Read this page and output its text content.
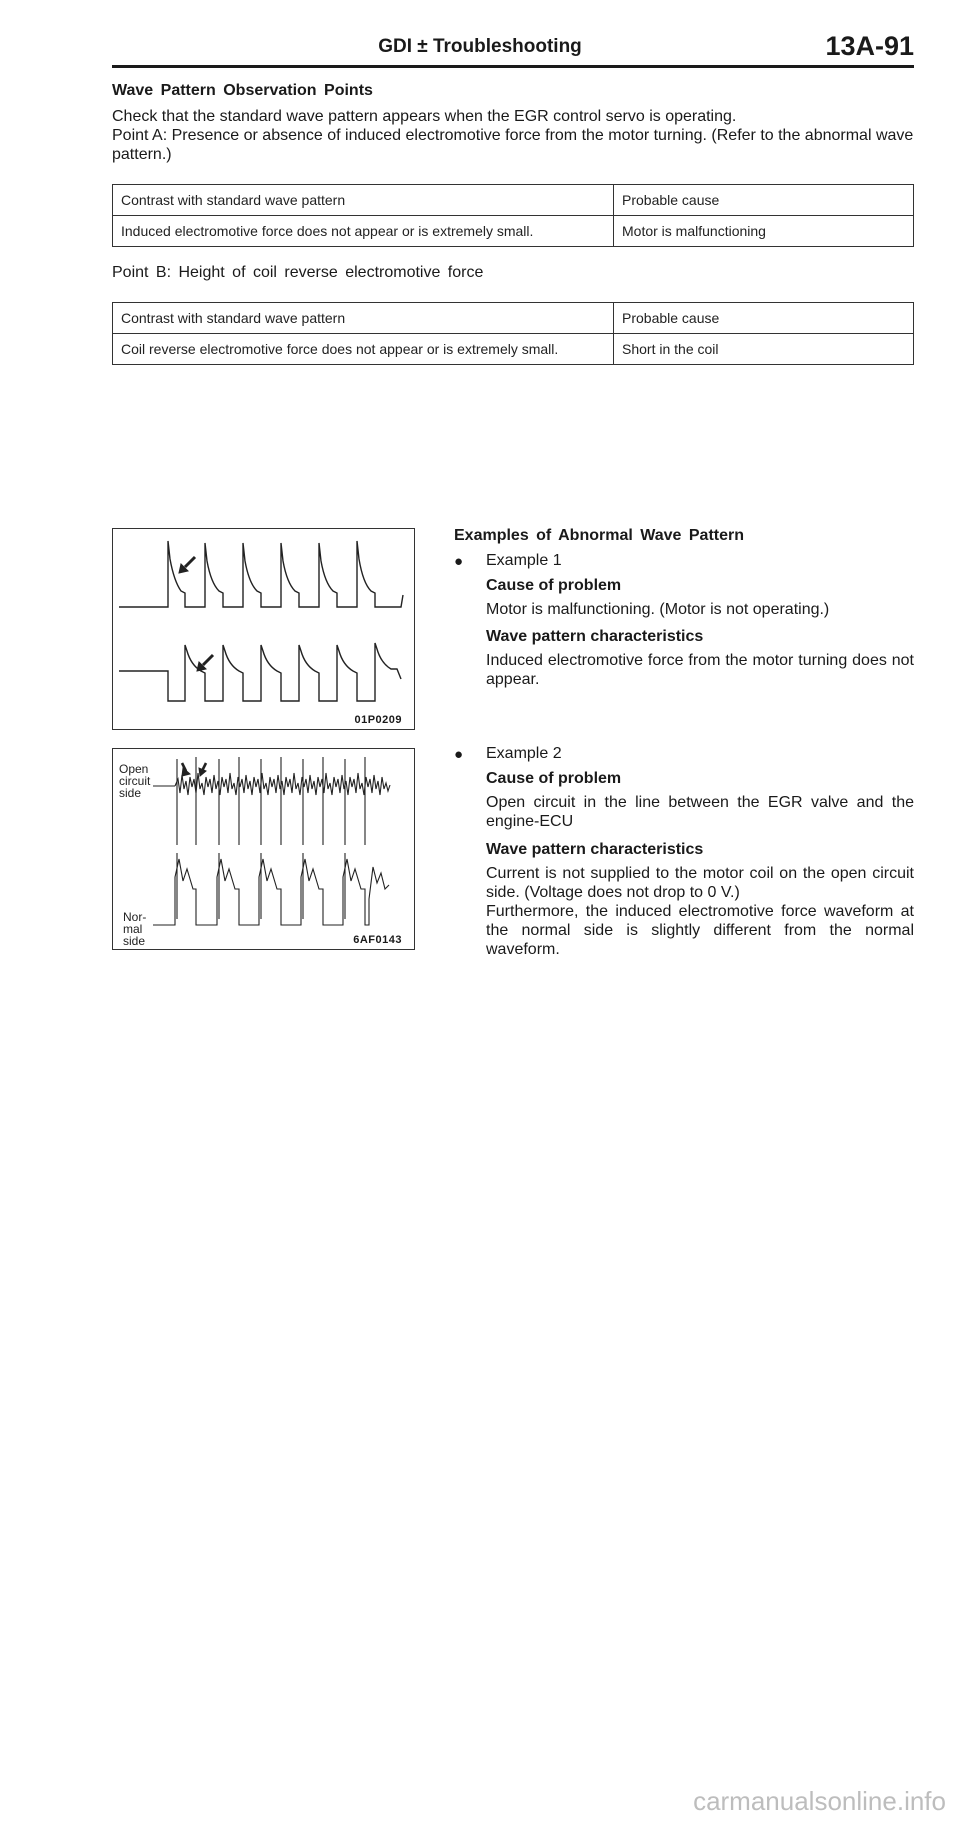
GDI ± Troubleshooting	13A-91
Wave Pattern Observation Points
Check that the standard wave pattern appears when the EGR control servo is operating.
Point A: Presence or absence of induced electromotive force from the motor turning. (Refer to the abnormal wave pattern.)
Contrast with standard wave pattern	Probable cause
Induced electromotive force does not appear or is extremely small.	Motor is malfunctioning
Point B: Height of coil reverse electromotive force
Contrast with standard wave pattern	Probable cause
Coil reverse electromotive force does not appear or is extremely small.	Short in the coil
01P0209
Open
circuit
side
Nor-
mal
side	6AF0143
Examples of Abnormal Wave Pattern
● Example 1
Cause of problem
Motor is malfunctioning. (Motor is not operating.)
Wave pattern characteristics
Induced electromotive force from the motor turning does not appear.
● Example 2
Cause of problem
Open circuit in the line between the EGR valve and the engine-ECU
Wave pattern characteristics
Current is not supplied to the motor coil on the open circuit side. (Voltage does not drop to 0 V.)
Furthermore, the induced electromotive force waveform at the normal side is slightly different from the normal waveform.
carmanualsonline.info
